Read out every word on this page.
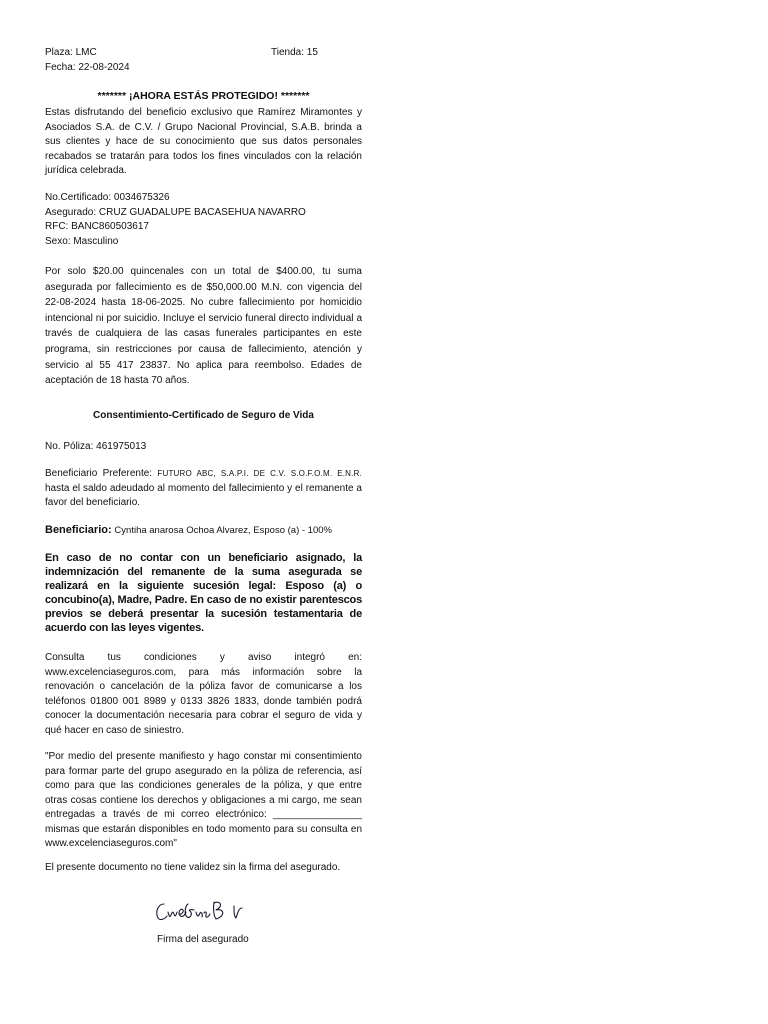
Plaza: LMC	Tienda: 15
Fecha: 22-08-2024
******* ¡AHORA ESTÁS PROTEGIDO! *******
Estas disfrutando del beneficio exclusivo que Ramírez Miramontes y Asociados S.A. de C.V. / Grupo Nacional Provincial, S.A.B. brinda a sus clientes y hace de su conocimiento que sus datos personales recabados se tratarán para todos los fines vinculados con la relación jurídica celebrada.
No.Certificado: 0034675326
Asegurado: CRUZ GUADALUPE BACASEHUA NAVARRO
RFC: BANC860503617
Sexo: Masculino
Por solo $20.00 quincenales con un total de $400.00, tu suma asegurada por fallecimiento es de $50,000.00 M.N. con vigencia del 22-08-2024 hasta 18-06-2025. No cubre fallecimiento por homicidio intencional ni por suicidio. Incluye el servicio funeral directo individual a través de cualquiera de las casas funerales participantes en este programa, sin restricciones por causa de fallecimiento, atención y servicio al 55 417 23837. No aplica para reembolso. Edades de aceptación de 18 hasta 70 años.
Consentimiento-Certificado de Seguro de Vida
No. Póliza: 461975013
Beneficiario Preferente: FUTURO ABC, S.A.P.I. DE C.V. S.O.F.O.M. E.N.R. hasta el saldo adeudado al momento del fallecimiento y el remanente a favor del beneficiario.
Beneficiario: Cyntiha anarosa Ochoa Alvarez, Esposo (a) - 100%
En caso de no contar con un beneficiario asignado, la indemnización del remanente de la suma asegurada se realizará en la siguiente sucesión legal: Esposo (a) o concubino(a), Madre, Padre. En caso de no existir parentescos previos se deberá presentar la sucesión testamentaria de acuerdo con las leyes vigentes.
Consulta tus condiciones y aviso integró en: www.excelenciaseguros.com, para más información sobre la renovación o cancelación de la póliza favor de comunicarse a los teléfonos 01800 001 8989 y 0133 3826 1833, donde también podrá conocer la documentación necesaria para cobrar el seguro de vida y qué hacer en caso de siniestro.
"Por medio del presente manifiesto y hago constar mi consentimiento para formar parte del grupo asegurado en la póliza de referencia, así como para que las condiciones generales de la póliza, y que entre otras cosas contiene los derechos y obligaciones a mi cargo, me sean entregadas a través de mi correo electrónico: ________________ mismas que estarán disponibles en todo momento para su consulta en www.excelenciaseguros.com"
El presente documento no tiene validez sin la firma del asegurado.
Firma del asegurado
